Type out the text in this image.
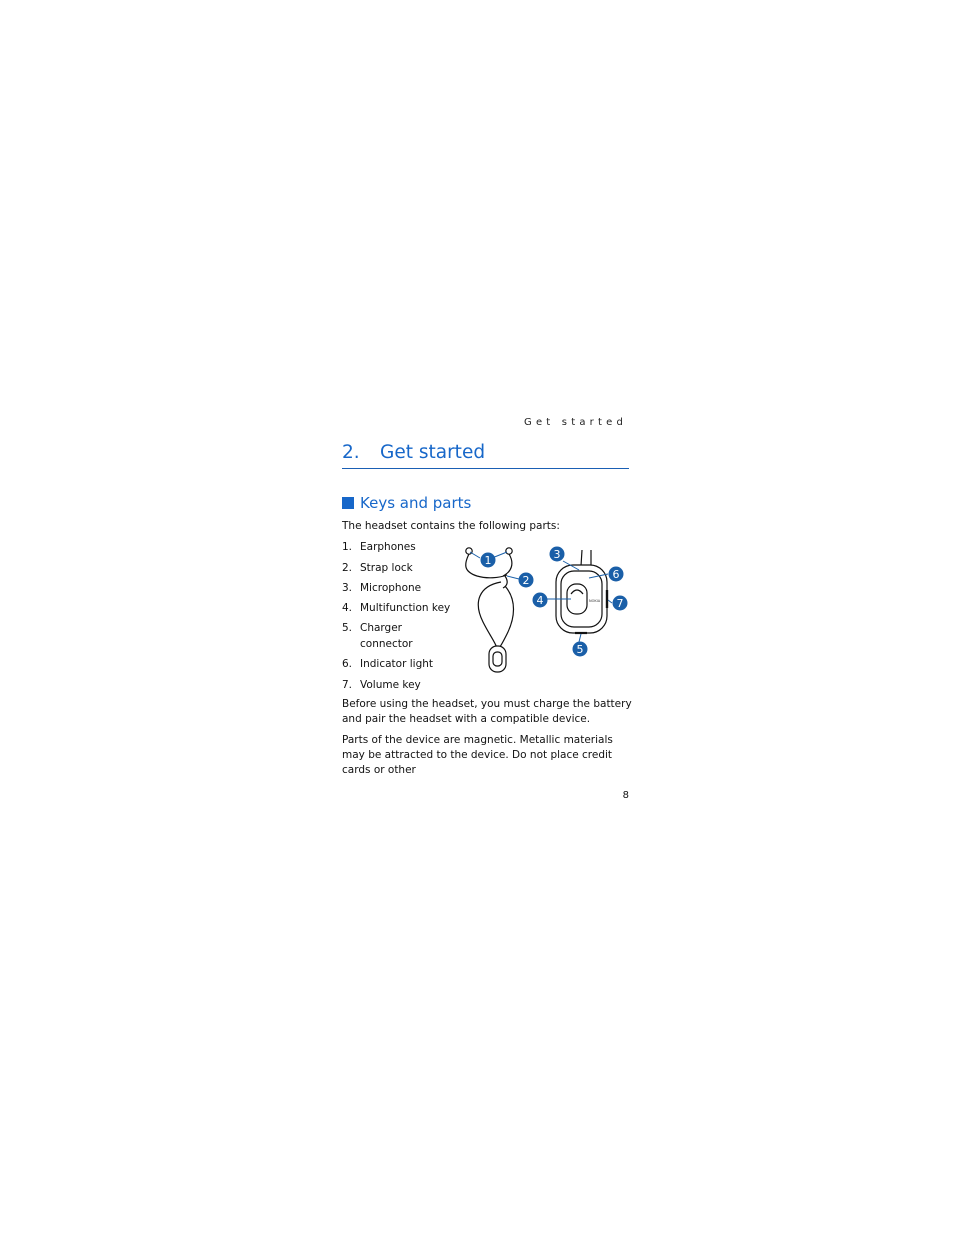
Get started
2. Get started
Keys and parts
The headset contains the following parts:
1. Earphones
2. Strap lock
3. Microphone
4. Multifunction key
5. Charger connector
6. Indicator light
7. Volume key
NOKIA
1
2
3
4
5
6
7
Before using the headset, you must charge the battery and pair the headset with a compatible device.
Parts of the device are magnetic. Metallic materials may be attracted to the device. Do not place credit cards or other
8
